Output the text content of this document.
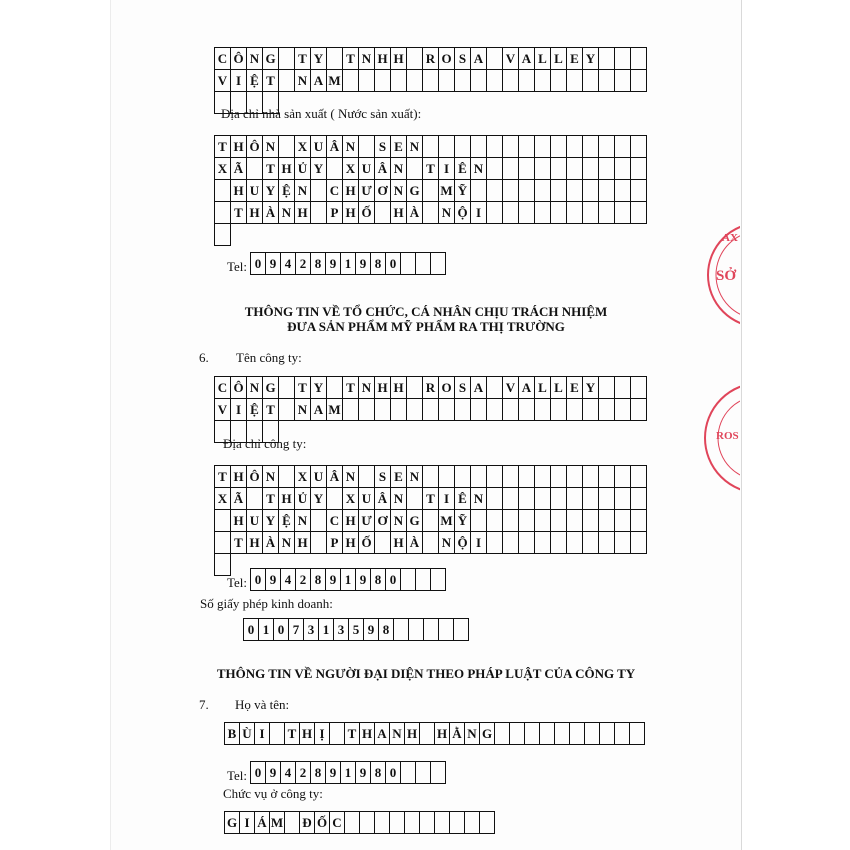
C Ô N G T Y T N H H R O S A V A L L E Y
V I Ệ T	N A M
Địa chỉ nhà sản xuất ( Nước sản xuất):
T H Ô N X U Â N S E N
X Ã T H Ủ Y X U Â N T I Ê N
H U Y Ệ N C H Ư Ơ N G M Ỹ
T H À N H P H Ố H À N Ộ I
Tel: 0 9 4 2 8 9 1 9 8 0
THÔNG TIN VỀ TỔ CHỨC, CÁ NHÂN CHỊU TRÁCH NHIỆM
ĐƯA SẢN PHẨM MỸ PHẨM RA THỊ TRƯỜNG
6. Tên công ty:
C Ô N G T Y T N H H R O S A V A L L E Y
V I Ệ T	N A M
Địa chỉ công ty:
T H Ô N X U Â N S E N
X Ã T H Ủ Y X U Â N T I Ê N
H U Y Ệ N C H Ư Ơ N G M Ỹ
T H À N H P H Ố H À N Ộ I
Tel: 0 9 4 2 8 9 1 9 8 0
Số giấy phép kinh doanh:
0 1 0 7 3 1 3 5 9 8
THÔNG TIN VỀ NGƯỜI ĐẠI DIỆN THEO PHÁP LUẬT CỦA CÔNG TY
7. Họ và tên:
B Ù I	T H Ị	T H A N H H Ằ N G
Tel: 0 9 4 2 8 9 1 9 8 0
Chức vụ ở công ty:
G I Á M Đ Ố C
AX
SỞ
ROS
